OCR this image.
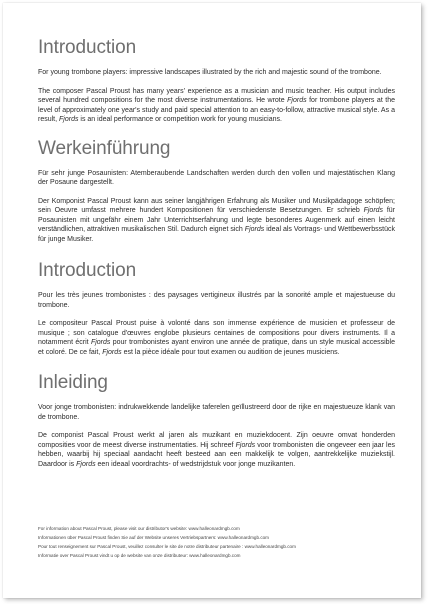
Introduction

For young trombone players: impressive landscapes illustrated by the rich and majestic sound of the trombone.

The composer Pascal Proust has many years' experience as a musician and music teacher. His output includes several hundred compositions for the most diverse instrumentations. He wrote Fjords for trombone players at the level of approximately one year's study and paid special attention to an easy-to-follow, attractive musical style. As a result, Fjords is an ideal performance or competition work for young musicians.

Werkeinführung

Für sehr junge Posaunisten: Atemberaubende Landschaften werden durch den vollen und majestätischen Klang der Posaune dargestellt.

Der Komponist Pascal Proust kann aus seiner langjährigen Erfahrung als Musiker und Musikpädagoge schöpfen; sein Oeuvre umfasst mehrere hundert Kompositionen für verschiedenste Besetzungen. Er schrieb Fjords für Posaunisten mit ungefähr einem Jahr Unterrichtserfahrung und legte besonderes Augenmerk auf einen leicht verständlichen, attraktiven musikalischen Stil. Dadurch eignet sich Fjords ideal als Vortrags- und Wettbewerbsstück für junge Musiker.

Introduction

Pour les très jeunes trombonistes : des paysages vertigineux illustrés par la sonorité ample et majestueuse du trombone.

Le compositeur Pascal Proust puise à volonté dans son immense expérience de musicien et professeur de musique ; son catalogue d'œuvres englobe plusieurs centaines de compositions pour divers instruments. Il a notamment écrit Fjords pour trombonistes ayant environ une année de pratique, dans un style musical accessible et coloré. De ce fait, Fjords est la pièce idéale pour tout examen ou audition de jeunes musiciens.

Inleiding

Voor jonge trombonisten: indrukwekkende landelijke taferelen geïllustreerd door de rijke en majestueuze klank van de trombone.

De componist Pascal Proust werkt al jaren als muzikant en muziekdocent. Zijn oeuvre omvat honderden composities voor de meest diverse instrumentaties. Hij schreef Fjords voor trombonisten die ongeveer een jaar les hebben, waarbij hij speciaal aandacht heeft besteed aan een makkelijk te volgen, aantrekkelijke muziekstijl. Daardoor is Fjords een ideaal voordrachts- of wedstrijdstuk voor jonge muzikanten.

For information about Pascal Proust, please visit our distributor's website: www.halleonardmgb.com
Informationen über Pascal Proust finden Sie auf der Website unseres Vertriebspartners: www.halleonardmgb.com
Pour tout renseignement sur Pascal Proust, veuillez consulter le site de notre distributeur partenaire : www.halleonardmgb.com
Informatie over Pascal Proust vindt u op de website van onze distributeur: www.halleonardmgb.com
